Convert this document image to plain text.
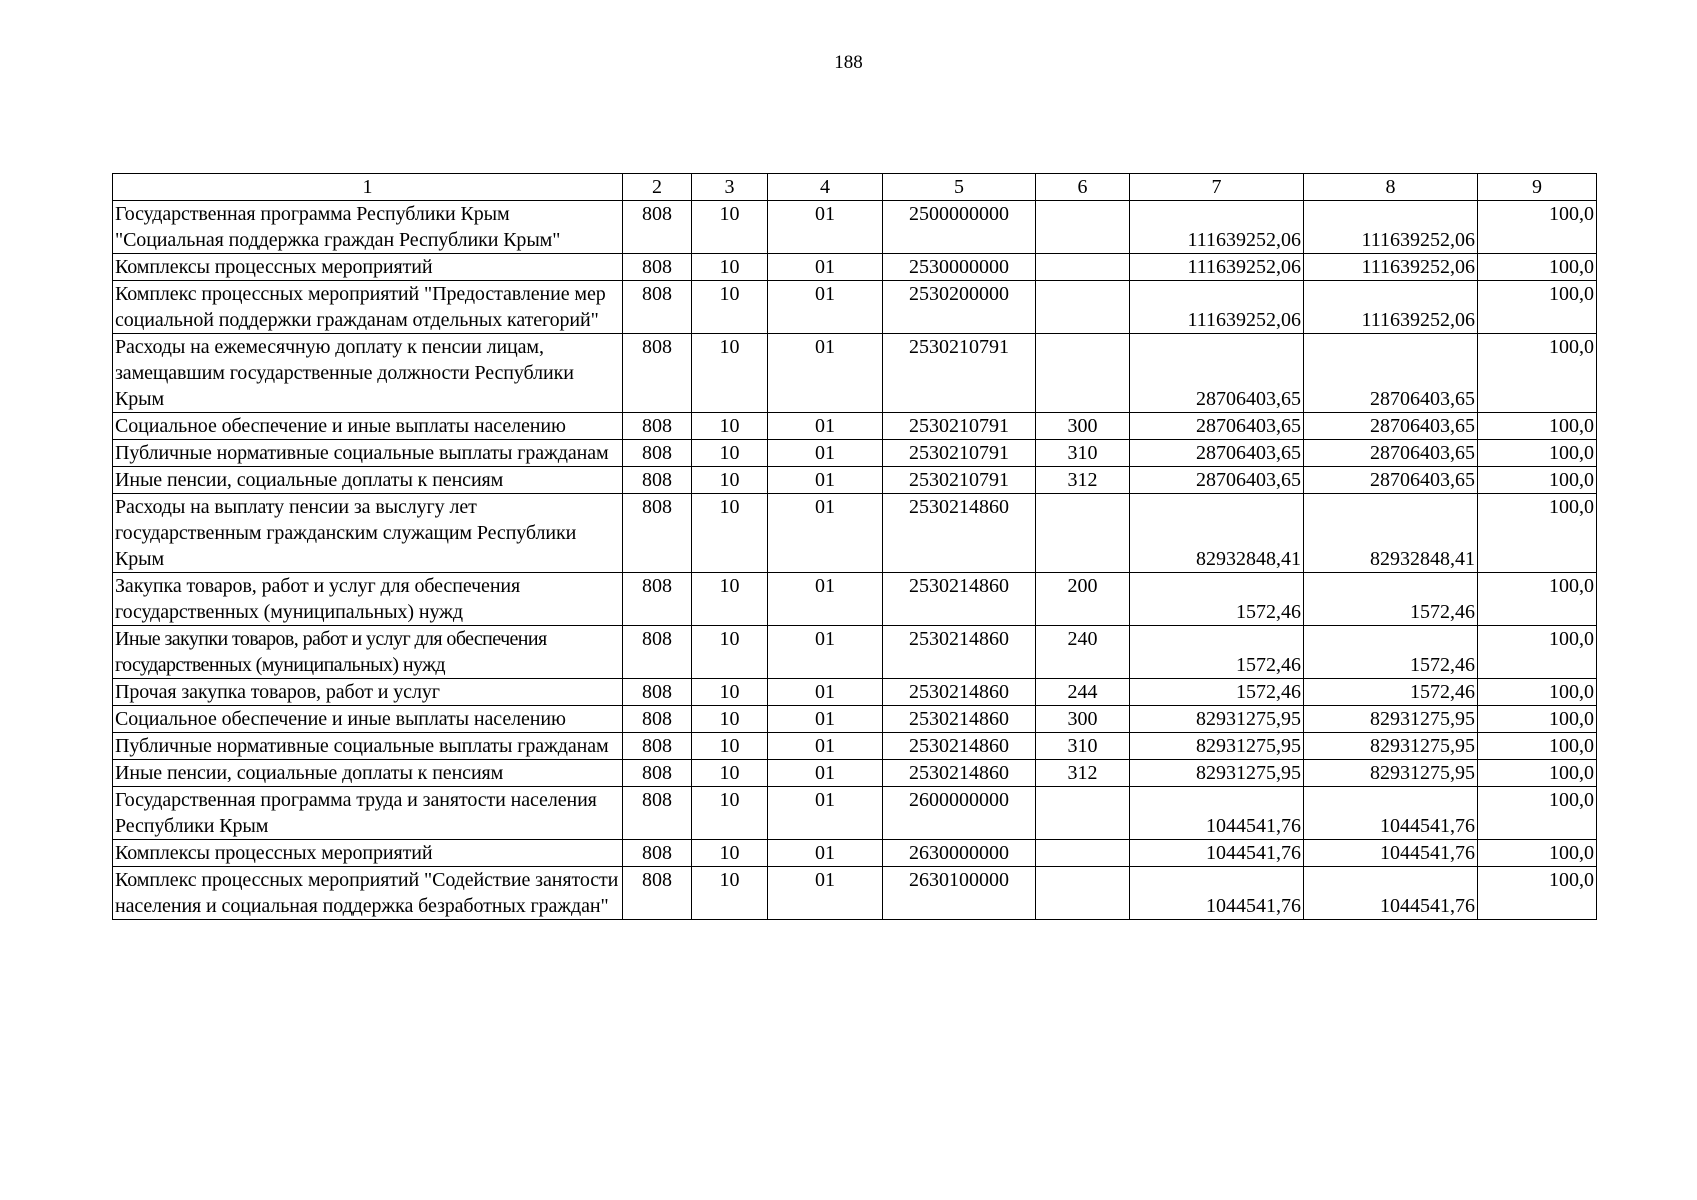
188
1	2	3	4	5	6	7	8	9
Государственная программа Республики Крым "Социальная поддержка граждан Республики Крым"	808	10	01	2500000000		111639252,06	111639252,06	100,0
Комплексы процессных мероприятий	808	10	01	2530000000		111639252,06	111639252,06	100,0
Комплекс процессных мероприятий "Предоставление мер социальной поддержки гражданам отдельных категорий"	808	10	01	2530200000		111639252,06	111639252,06	100,0
Расходы на ежемесячную доплату к пенсии лицам, замещавшим государственные должности Республики Крым	808	10	01	2530210791		28706403,65	28706403,65	100,0
Социальное обеспечение и иные выплаты населению	808	10	01	2530210791	300	28706403,65	28706403,65	100,0
Публичные нормативные социальные выплаты гражданам	808	10	01	2530210791	310	28706403,65	28706403,65	100,0
Иные пенсии, социальные доплаты к пенсиям	808	10	01	2530210791	312	28706403,65	28706403,65	100,0
Расходы на выплату пенсии за выслугу лет государственным гражданским служащим Республики Крым	808	10	01	2530214860		82932848,41	82932848,41	100,0
Закупка товаров, работ и услуг для обеспечения государственных (муниципальных) нужд	808	10	01	2530214860	200	1572,46	1572,46	100,0
Иные закупки товаров, работ и услуг для обеспечения государственных (муниципальных) нужд	808	10	01	2530214860	240	1572,46	1572,46	100,0
Прочая закупка товаров, работ и услуг	808	10	01	2530214860	244	1572,46	1572,46	100,0
Социальное обеспечение и иные выплаты населению	808	10	01	2530214860	300	82931275,95	82931275,95	100,0
Публичные нормативные социальные выплаты гражданам	808	10	01	2530214860	310	82931275,95	82931275,95	100,0
Иные пенсии, социальные доплаты к пенсиям	808	10	01	2530214860	312	82931275,95	82931275,95	100,0
Государственная программа труда и занятости населения Республики Крым	808	10	01	2600000000		1044541,76	1044541,76	100,0
Комплексы процессных мероприятий	808	10	01	2630000000		1044541,76	1044541,76	100,0
Комплекс процессных мероприятий "Содействие занятости населения и социальная поддержка безработных граждан"	808	10	01	2630100000		1044541,76	1044541,76	100,0
